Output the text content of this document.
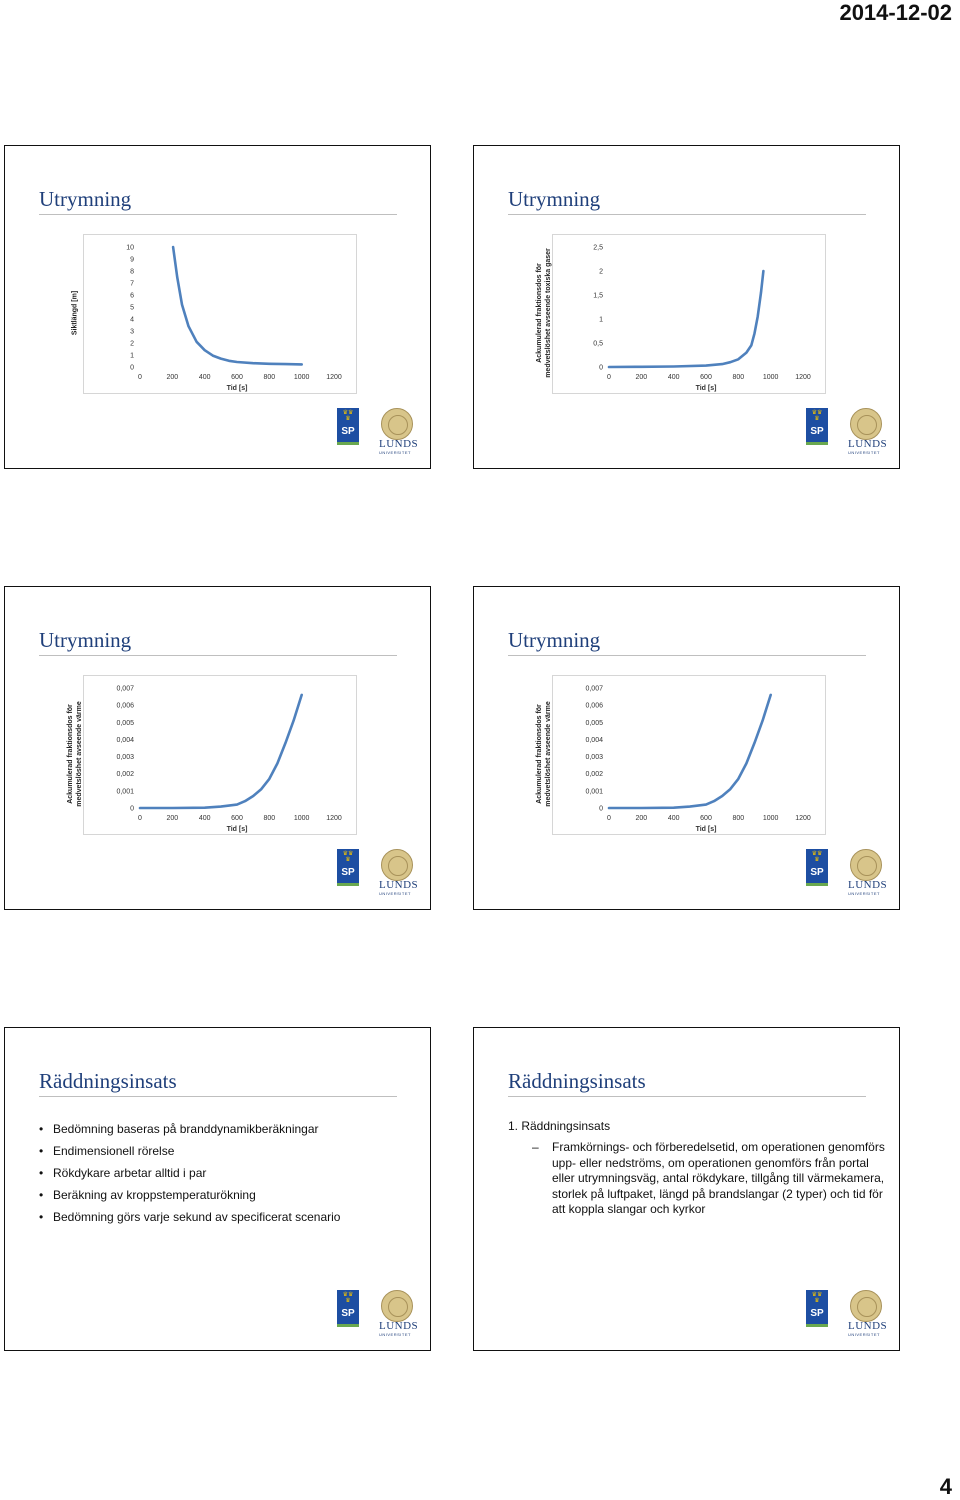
2014-12-02
Utrymning
Siktlängd [m]
0
1
2
3
4
5
6
7
8
9
10
0	200	400	600	800	1000 1200
Tid [s]
♛♛
♛
SP
LUNDS
UNIVERSITET
Utrymning
Ackumulerad fraktionsdos för medvetslöshet avseende toxiska gaser	0
0,5
1
1,5
2
2,5
0	200	400	600	800	1000 1200
Tid [s]
♛♛
♛
SP
LUNDS
UNIVERSITET
Utrymning
Ackumulerad fraktionsdos för medvetslöshet avseende värme
0
0,001
0,002
0,003
0,004
0,005
0,006
0,007
0	200	400	600	800	1000 1200
Tid [s]
♛♛
♛
SP
LUNDS
UNIVERSITET
Utrymning
Ackumulerad fraktionsdos för medvetslöshet avseende värme
0
0,001
0,002
0,003
0,004
0,005
0,006
0,007
0	200	400	600	800	1000 1200
Tid [s]
♛♛
♛
SP
LUNDS
UNIVERSITET
Räddningsinsats
• Bedömning baseras på branddynamikberäkningar
• Endimensionell rörelse
• Rökdykare arbetar alltid i par
• Beräkning av kroppstemperaturökning
• Bedömning görs varje sekund av specificerat scenario
♛♛
♛
SP
LUNDS
UNIVERSITET
Räddningsinsats
1. Räddningsinsats
– Framkörnings- och förberedelsetid, om operationen genomförs upp- eller nedströms, om operationen genomförs från portal eller utrymningsväg, antal rökdykare, tillgång till värmekamera, storlek på luftpaket, längd på brandslangar (2 typer) och tid för att koppla slangar och kyrkor
♛♛
♛
SP
LUNDS
UNIVERSITET
4
